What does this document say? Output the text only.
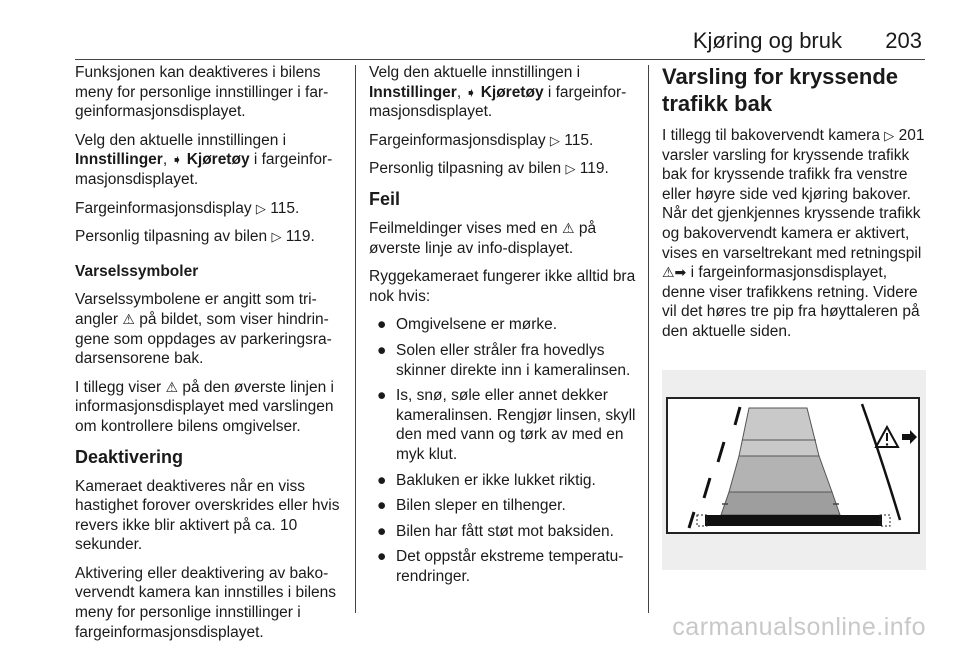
Kjøring og bruk 203

Funksjonen kan deaktiveres i bilens meny for personlige innstillinger i fargeinformasjonsdisplayet.

Velg den aktuelle innstillingen i Innstillinger, ➧ Kjøretøy i fargeinformasjonsdisplayet.

Fargeinformasjonsdisplay ▷ 115.

Personlig tilpasning av bilen ▷ 119.

Varselssymboler

Varselssymbolene er angitt som triangler ⚠ på bildet, som viser hindringene som oppdages av parkeringsradarsensorene bak.

I tillegg viser ⚠ på den øverste linjen i informasjonsdisplayet med varslingen om kontrollere bilens omgivelser.

Deaktivering

Kameraet deaktiveres når en viss hastighet forover overskrides eller hvis revers ikke blir aktivert på ca. 10 sekunder.

Aktivering eller deaktivering av bakovervendt kamera kan innstilles i bilens meny for personlige innstillinger i fargeinformasjonsdisplayet.

Velg den aktuelle innstillingen i Innstillinger, ➧ Kjøretøy i fargeinformasjonsdisplayet.

Fargeinformasjonsdisplay ▷ 115.

Personlig tilpasning av bilen ▷ 119.

Feil

Feilmeldinger vises med en ⚠ på øverste linje av info-displayet.

Ryggekameraet fungerer ikke alltid bra nok hvis:

● Omgivelsene er mørke.
● Solen eller stråler fra hovedlys skinner direkte inn i kameralinsen.
● Is, snø, søle eller annet dekker kameralinsen. Rengjør linsen, skyll den med vann og tørk av med en myk klut.
● Bakluken er ikke lukket riktig.
● Bilen sleper en tilhenger.
● Bilen har fått støt mot baksiden.
● Det oppstår ekstreme temperaturendringer.

Varsling for kryssende trafikk bak

I tillegg til bakovervendt kamera ▷ 201 varsler varsling for kryssende trafikk bak for kryssende trafikk fra venstre eller høyre side ved kjøring bakover. Når det gjenkjennes kryssende trafikk og bakovervendt kamera er aktivert, vises en varseltrekant med retningspil ⚠➡ i fargeinformasjonsdisplayet, denne viser trafikkens retning. Videre vil det høres tre pip fra høyttaleren på den aktuelle siden.

carmanualsonline.info
